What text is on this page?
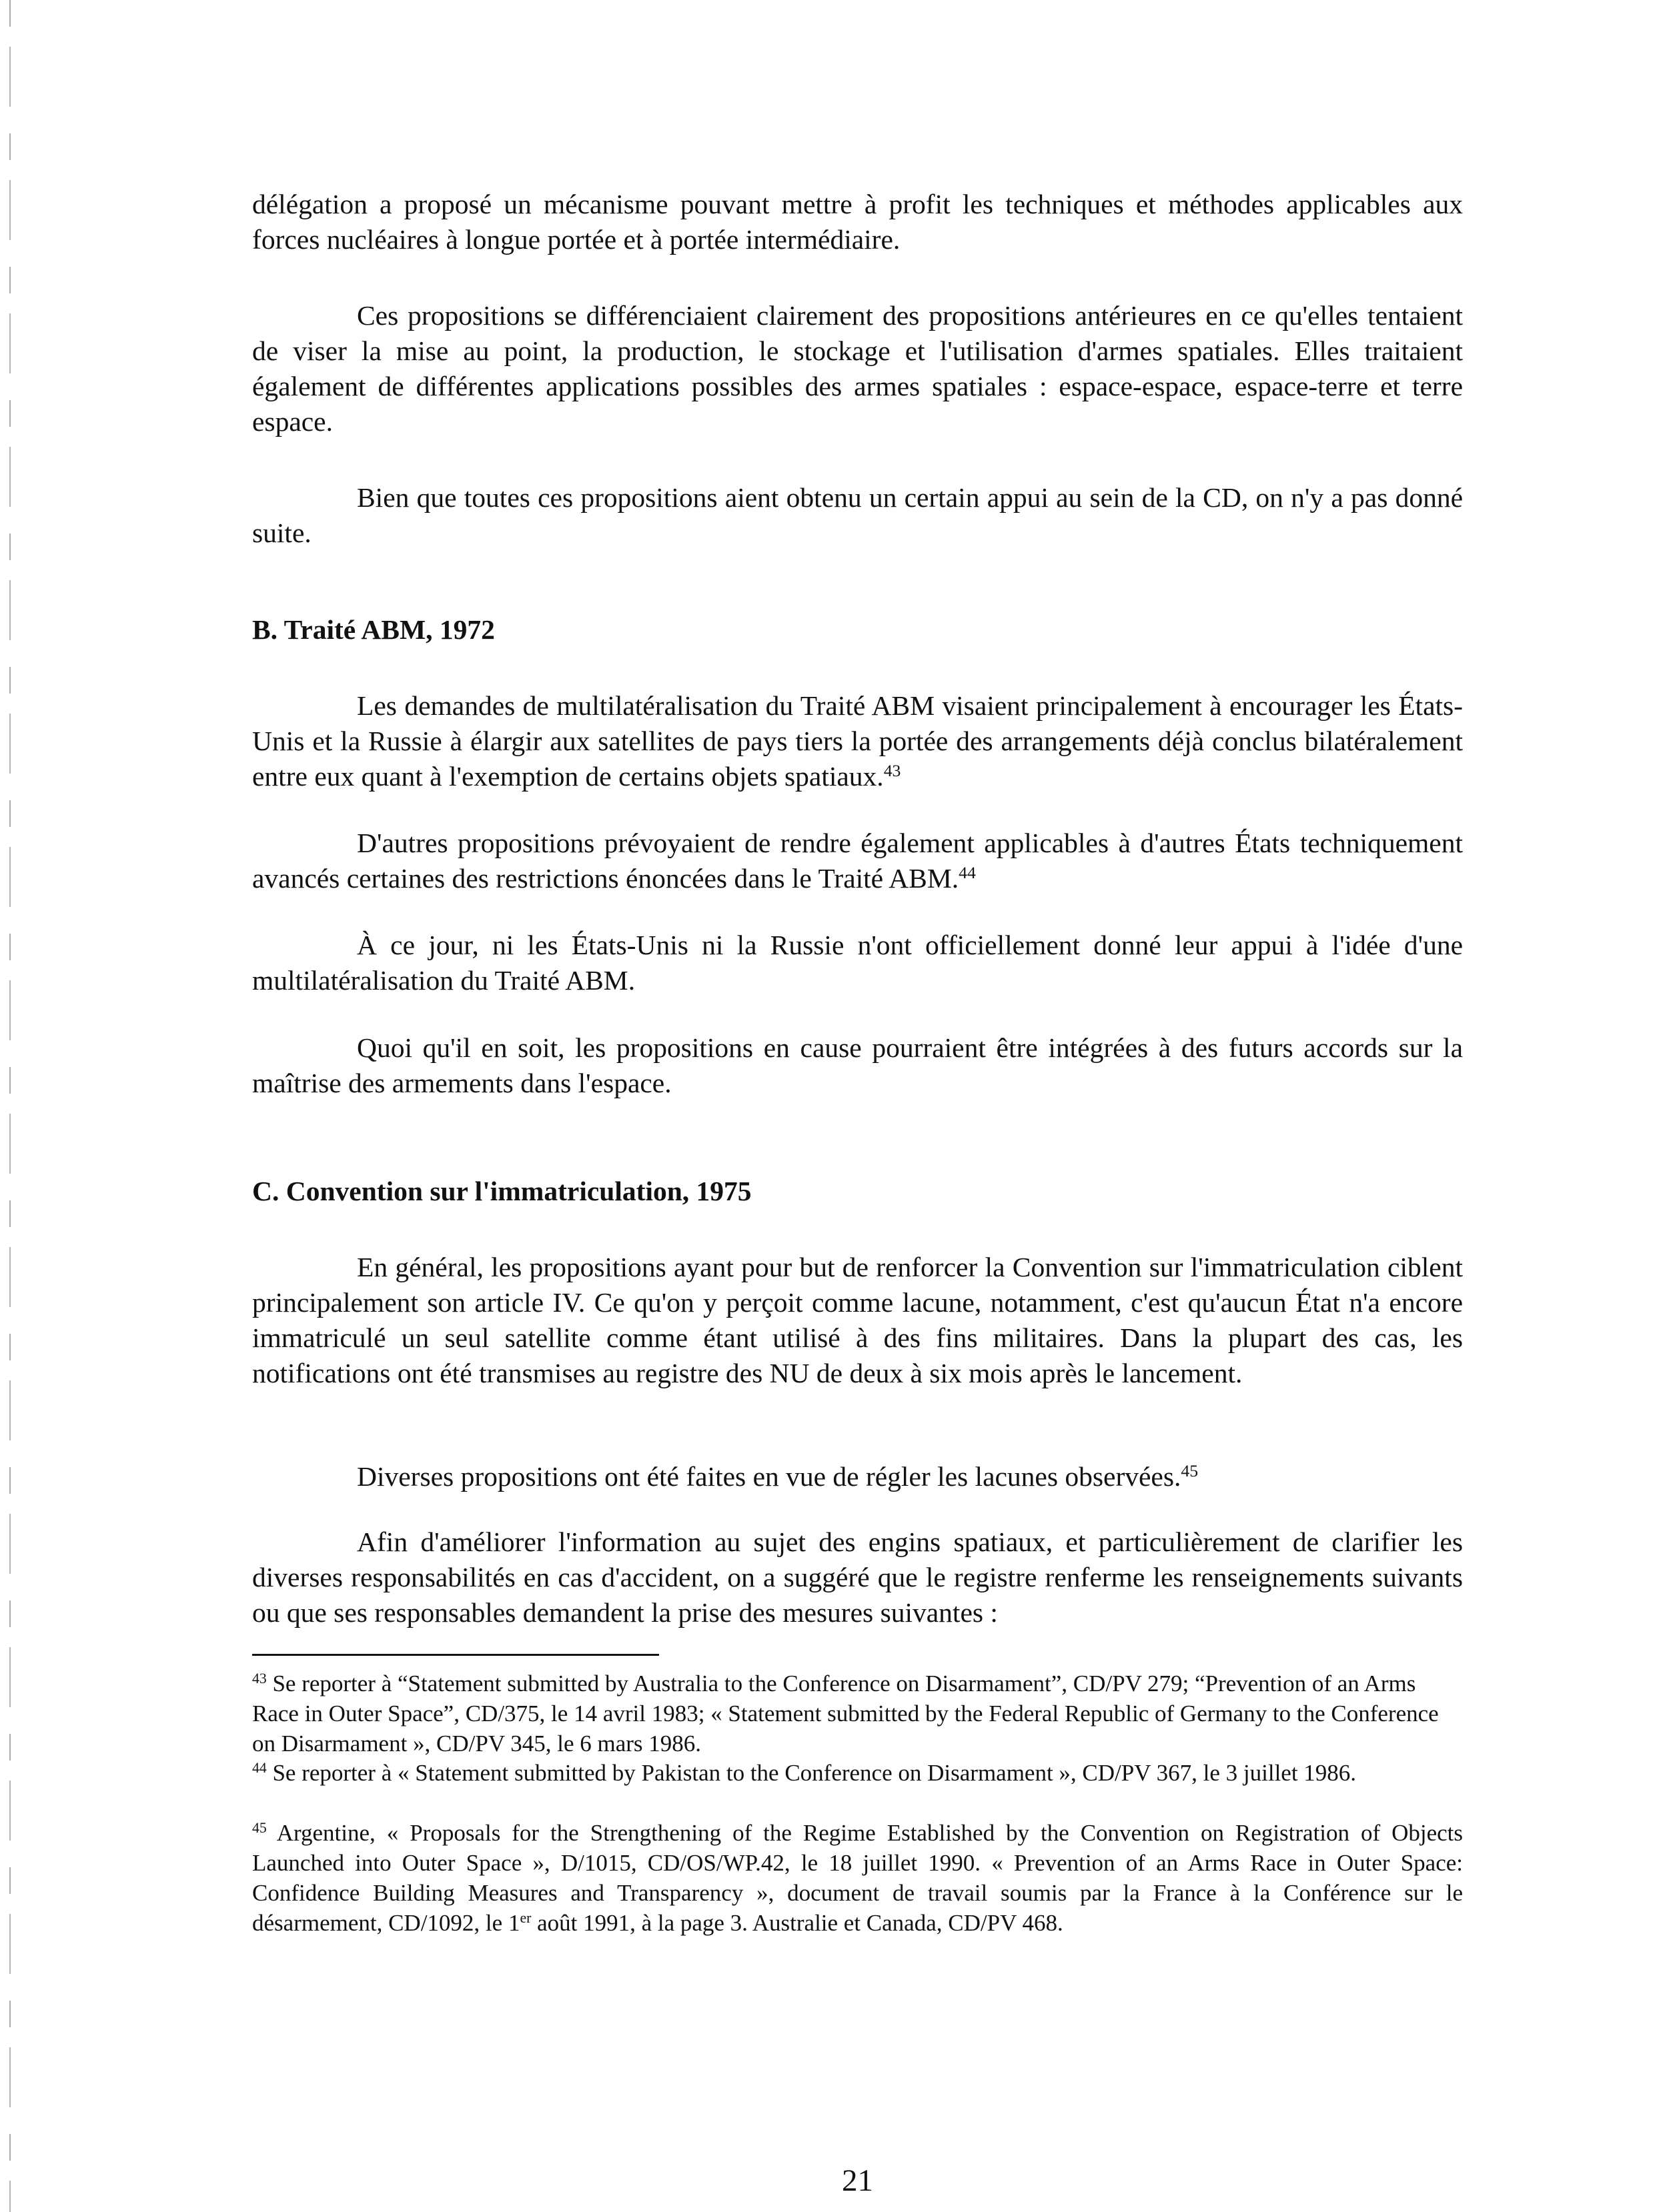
délégation a proposé un mécanisme pouvant mettre à profit les techniques et méthodes applicables aux forces nucléaires à longue portée et à portée intermédiaire.

Ces propositions se différenciaient clairement des propositions antérieures en ce qu'elles tentaient de viser la mise au point, la production, le stockage et l'utilisation d'armes spatiales. Elles traitaient également de différentes applications possibles des armes spatiales : espace-espace, espace-terre et terre espace.

Bien que toutes ces propositions aient obtenu un certain appui au sein de la CD, on n'y a pas donné suite.

B. Traité ABM, 1972

Les demandes de multilatéralisation du Traité ABM visaient principalement à encourager les États-Unis et la Russie à élargir aux satellites de pays tiers la portée des arrangements déjà conclus bilatéralement entre eux quant à l'exemption de certains objets spatiaux.$^{43}$

D'autres propositions prévoyaient de rendre également applicables à d'autres États techniquement avancés certaines des restrictions énoncées dans le Traité ABM.$^{44}$

À ce jour, ni les États-Unis ni la Russie n'ont officiellement donné leur appui à l'idée d'une multilatéralisation du Traité ABM.

Quoi qu'il en soit, les propositions en cause pourraient être intégrées à des futurs accords sur la maîtrise des armements dans l'espace.

C. Convention sur l'immatriculation, 1975

En général, les propositions ayant pour but de renforcer la Convention sur l'immatriculation ciblent principalement son article IV. Ce qu'on y perçoit comme lacune, notamment, c'est qu'aucun État n'a encore immatriculé un seul satellite comme étant utilisé à des fins militaires. Dans la plupart des cas, les notifications ont été transmises au registre des NU de deux à six mois après le lancement.

Diverses propositions ont été faites en vue de régler les lacunes observées.$^{45}$

Afin d'améliorer l'information au sujet des engins spatiaux, et particulièrement de clarifier les diverses responsabilités en cas d'accident, on a suggéré que le registre renferme les renseignements suivants ou que ses responsables demandent la prise des mesures suivantes :

$^{43}$ Se reporter à “Statement submitted by Australia to the Conference on Disarmament”, CD/PV 279; “Prevention of an Arms Race in Outer Space”, CD/375, le 14 avril 1983; « Statement submitted by the Federal Republic of Germany to the Conference on Disarmament », CD/PV 345, le 6 mars 1986.

$^{44}$ Se reporter à « Statement submitted by Pakistan to the Conference on Disarmament », CD/PV 367, le 3 juillet 1986.

$^{45}$ Argentine, « Proposals for the Strengthening of the Regime Established by the Convention on Registration of Objects Launched into Outer Space », D/1015, CD/OS/WP.42, le 18 juillet 1990. « Prevention of an Arms Race in Outer Space: Confidence Building Measures and Transparency », document de travail soumis par la France à la Conférence sur le désarmement, CD/1092, le 1er août 1991, à la page 3. Australie et Canada, CD/PV 468.

21
